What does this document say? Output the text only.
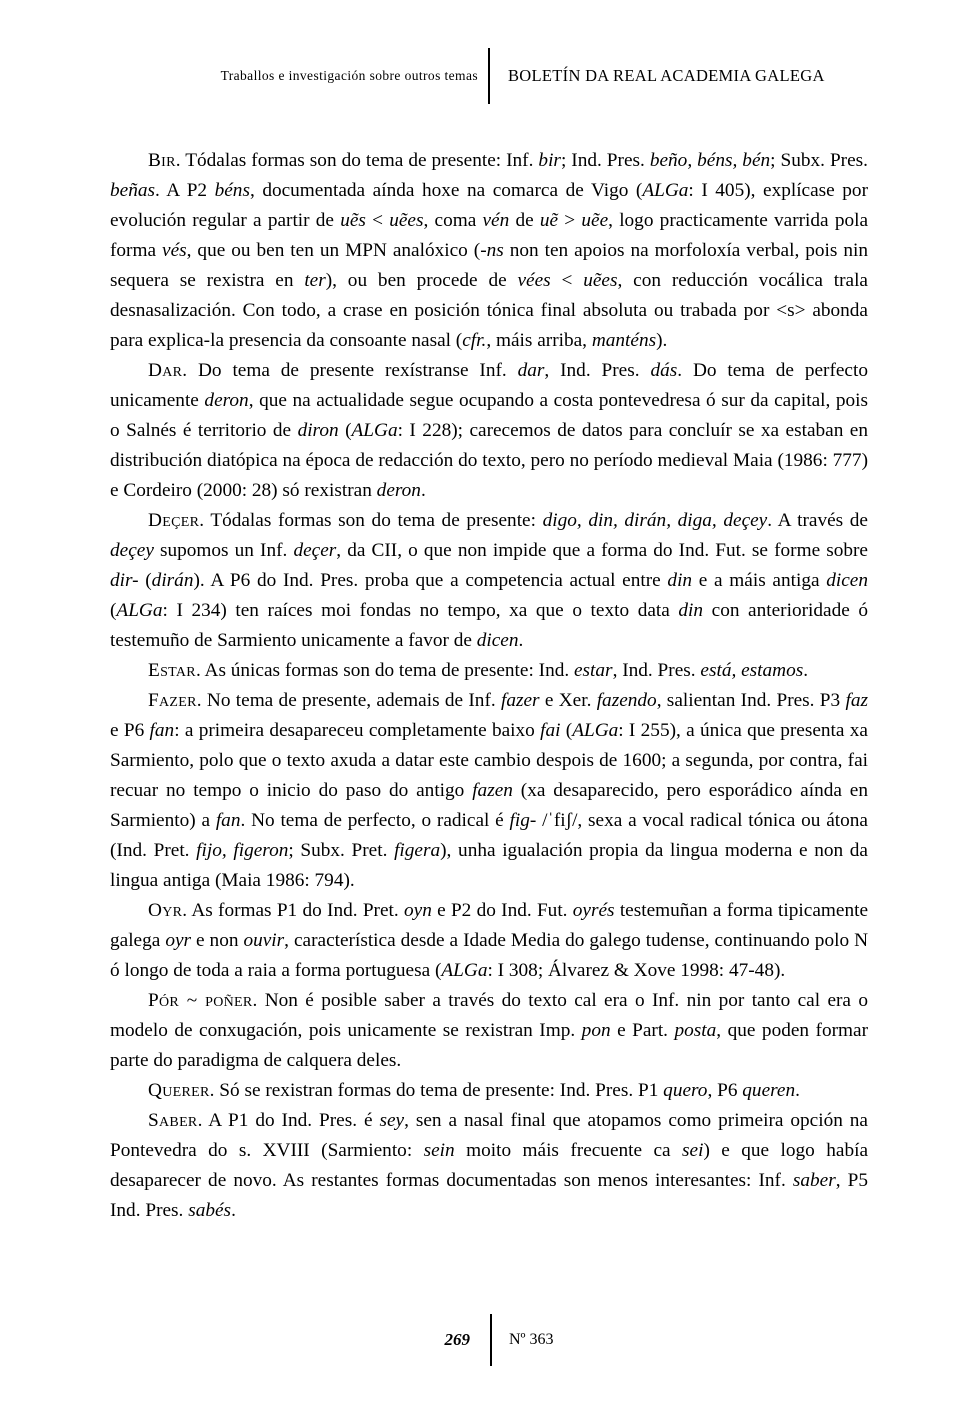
Traballos e investigación sobre outros temas	BOLETÍN DA REAL ACADEMIA GALEGA

Bir. Tódalas formas son do tema de presente: Inf. bir; Ind. Pres. beño, béns, bén; Subx. Pres. beñas. A P2 béns, documentada aínda hoxe na comarca de Vigo (ALGa: I 405), explícase por evolución regular a partir de uẽs < uẽes, coma vén de uẽ > uẽe, logo practicamente varrida pola forma vés, que ou ben ten un MPN analóxico (-ns non ten apoios na morfoloxía verbal, pois nin sequera se rexistra en ter), ou ben procede de vées < uẽes, con reducción vocálica trala desnasalización. Con todo, a crase en posición tónica final absoluta ou trabada por <s> abonda para explica-la presencia da consoante nasal (cfr., máis arriba, manténs).

Dar. Do tema de presente rexístranse Inf. dar, Ind. Pres. dás. Do tema de perfecto unicamente deron, que na actualidade segue ocupando a costa pontevedresa ó sur da capital, pois o Salnés é territorio de diron (ALGa: I 228); carecemos de datos para concluír se xa estaban en distribución diatópica na época de redacción do texto, pero no período medieval Maia (1986: 777) e Cordeiro (2000: 28) só rexistran deron.

Deçer. Tódalas formas son do tema de presente: digo, din, dirán, diga, deçey. A través de deçey supomos un Inf. deçer, da CII, o que non impide que a forma do Ind. Fut. se forme sobre dir- (dirán). A P6 do Ind. Pres. proba que a competencia actual entre din e a máis antiga dicen (ALGa: I 234) ten raíces moi fondas no tempo, xa que o texto data din con anterioridade ó testemuño de Sarmiento unicamente a favor de dicen.

Estar. As únicas formas son do tema de presente: Ind. estar, Ind. Pres. está, estamos.

Fazer. No tema de presente, ademais de Inf. fazer e Xer. fazendo, salientan Ind. Pres. P3 faz e P6 fan: a primeira desapareceu completamente baixo fai (ALGa: I 255), a única que presenta xa Sarmiento, polo que o texto axuda a datar este cambio despois de 1600; a segunda, por contra, fai recuar no tempo o inicio do paso do antigo fazen (xa desaparecido, pero esporádico aínda en Sarmiento) a fan. No tema de perfecto, o radical é fig- /ˈfiʃ/, sexa a vocal radical tónica ou átona (Ind. Pret. fijo, figeron; Subx. Pret. figera), unha igualación propia da lingua moderna e non da lingua antiga (Maia 1986: 794).

Oyr. As formas P1 do Ind. Pret. oyn e P2 do Ind. Fut. oyrés testemuñan a forma tipicamente galega oyr e non ouvir, característica desde a Idade Media do galego tudense, continuando polo N ó longo de toda a raia a forma portuguesa (ALGa: I 308; Álvarez & Xove 1998: 47-48).

Pór ~ poñer. Non é posible saber a través do texto cal era o Inf. nin por tanto cal era o modelo de conxugación, pois unicamente se rexistran Imp. pon e Part. posta, que poden formar parte do paradigma de calquera deles.

Querer. Só se rexistran formas do tema de presente: Ind. Pres. P1 quero, P6 queren.

Saber. A P1 do Ind. Pres. é sey, sen a nasal final que atopamos como primeira opción na Pontevedra do s. XVIII (Sarmiento: sein moito máis frecuente ca sei) e que logo había desaparecer de novo. As restantes formas documentadas son menos interesantes: Inf. saber, P5 Ind. Pres. sabés.

269	Nº 363
